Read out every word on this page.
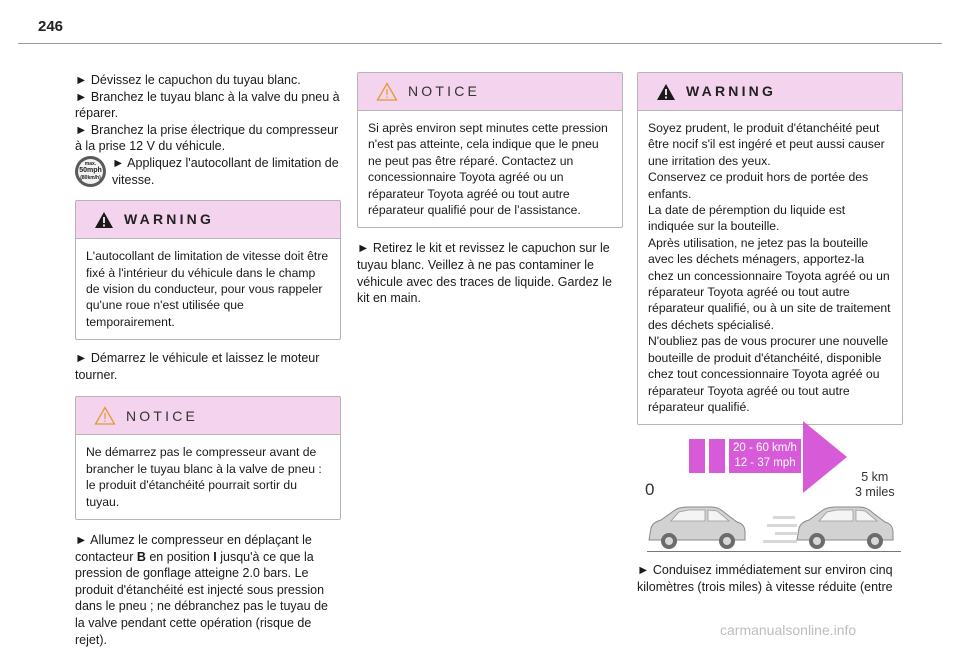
246

► Dévissez le capuchon du tuyau blanc.

► Branchez le tuyau blanc à la valve du pneu à réparer.

► Branchez la prise électrique du compresseur à la prise 12 V du véhicule.

max.
50mph
(80km/h)

► Appliquez l'autocollant de limitation de vitesse.

WARNING
L'autocollant de limitation de vitesse doit être fixé à l'intérieur du véhicule dans le champ de vision du conducteur, pour vous rappeler qu'une roue n'est utilisée que temporairement.

► Démarrez le véhicule et laissez le moteur tourner.

NOTICE
Ne démarrez pas le compresseur avant de brancher le tuyau blanc à la valve de pneu : le produit d'étanchéité pourrait sortir du tuyau.

► Allumez le compresseur en déplaçant le contacteur B en position I jusqu'à ce que la pression de gonflage atteigne 2.0 bars. Le produit d'étanchéité est injecté sous pression dans le pneu ; ne débranchez pas le tuyau de la valve pendant cette opération (risque de rejet).

NOTICE
Si après environ sept minutes cette pression n'est pas atteinte, cela indique que le pneu ne peut pas être réparé. Contactez un concessionnaire Toyota agréé ou un réparateur Toyota agréé ou tout autre réparateur qualifié pour de l’assistance.

► Retirez le kit et revissez le capuchon sur le tuyau blanc. Veillez à ne pas contaminer le véhicule avec des traces de liquide. Gardez le kit en main.

WARNING

Soyez prudent, le produit d'étanchéité peut être nocif s'il est ingéré et peut aussi causer une irritation des yeux.

Conservez ce produit hors de portée des enfants.

La date de péremption du liquide est indiquée sur la bouteille.

Après utilisation, ne jetez pas la bouteille avec les déchets ménagers, apportez-la chez un concessionnaire Toyota agréé ou un réparateur Toyota agréé ou tout autre réparateur qualifié, ou à un site de traitement des déchets spécialisé.

N'oubliez pas de vous procurer une nouvelle bouteille de produit d'étanchéité, disponible chez tout concessionnaire Toyota agréé ou réparateur Toyota agréé ou tout autre réparateur qualifié.

20 - 60 km/h
12 - 37 mph
0
5 km
3 miles

► Conduisez immédiatement sur environ cinq kilomètres (trois miles) à vitesse réduite (entre

carmanualsonline.info
